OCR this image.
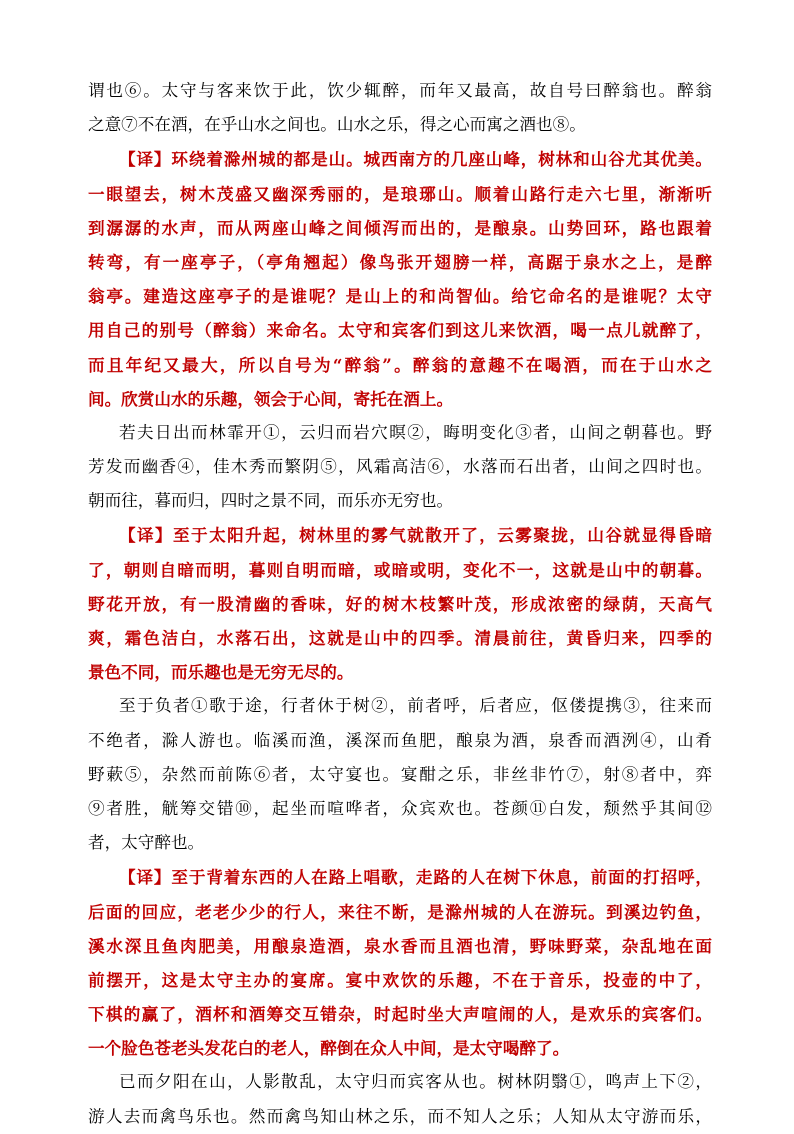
谓也⑥。太守与客来饮于此，饮少辄醉，而年又最高，故自号曰醉翁也。醉翁
之意⑦不在酒，在乎山水之间也。山水之乐，得之心而寓之酒也⑧。
【译】环绕着滁州城的都是山。城西南方的几座山峰，树林和山谷尤其优美。
一眼望去，树木茂盛又幽深秀丽的，是琅琊山。顺着山路行走六七里，渐渐听
到潺潺的水声，而从两座山峰之间倾泻而出的，是酿泉。山势回环，路也跟着
转弯，有一座亭子，（亭角翘起）像鸟张开翅膀一样，高踞于泉水之上，是醉
翁亭。建造这座亭子的是谁呢？是山上的和尚智仙。给它命名的是谁呢？太守
用自己的别号（醉翁）来命名。太守和宾客们到这儿来饮酒，喝一点儿就醉了，
而且年纪又最大，所以自号为“醉翁”。醉翁的意趣不在喝酒，而在于山水之
间。欣赏山水的乐趣，领会于心间，寄托在酒上。
若夫日出而林霏开①，云归而岩穴暝②，晦明变化③者，山间之朝暮也。野
芳发而幽香④，佳木秀而繁阴⑤，风霜高洁⑥，水落而石出者，山间之四时也。
朝而往，暮而归，四时之景不同，而乐亦无穷也。
【译】至于太阳升起，树林里的雾气就散开了，云雾聚拢，山谷就显得昏暗
了，朝则自暗而明，暮则自明而暗，或暗或明，变化不一，这就是山中的朝暮。
野花开放，有一股清幽的香味，好的树木枝繁叶茂，形成浓密的绿荫，天高气
爽，霜色洁白，水落石出，这就是山中的四季。清晨前往，黄昏归来，四季的
景色不同，而乐趣也是无穷无尽的。
至于负者①歌于途，行者休于树②，前者呼，后者应，伛偻提携③，往来而
不绝者，滁人游也。临溪而渔，溪深而鱼肥，酿泉为酒，泉香而酒洌④，山肴
野蔌⑤，杂然而前陈⑥者，太守宴也。宴酣之乐，非丝非竹⑦，射⑧者中，弈
⑨者胜，觥筹交错⑩，起坐而喧哗者，众宾欢也。苍颜⑪白发，颓然乎其间⑫
者，太守醉也。
【译】至于背着东西的人在路上唱歌，走路的人在树下休息，前面的打招呼，
后面的回应，老老少少的行人，来往不断，是滁州城的人在游玩。到溪边钓鱼，
溪水深且鱼肉肥美，用酿泉造酒，泉水香而且酒也清，野味野菜，杂乱地在面
前摆开，这是太守主办的宴席。宴中欢饮的乐趣，不在于音乐，投壶的中了，
下棋的赢了，酒杯和酒筹交互错杂，时起时坐大声喧闹的人，是欢乐的宾客们。
一个脸色苍老头发花白的老人，醉倒在众人中间，是太守喝醉了。
已而夕阳在山，人影散乱，太守归而宾客从也。树林阴翳①，鸣声上下②，
游人去而禽鸟乐也。然而禽鸟知山林之乐，而不知人之乐；人知从太守游而乐，
